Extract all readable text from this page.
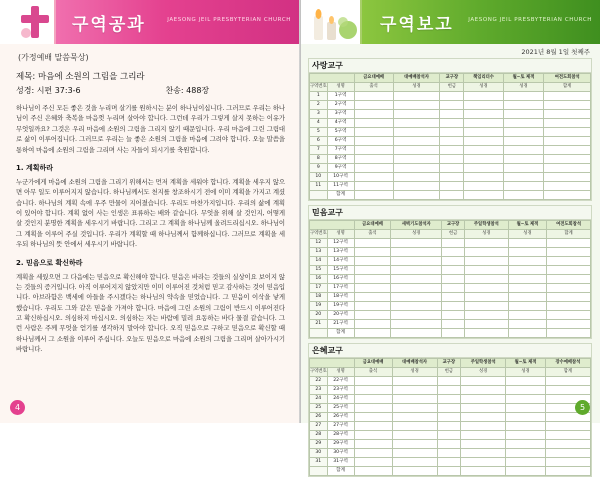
구역공과	JAESONG JEIL PRESBYTERIAN CHURCH
(가정예배 말씀묵상)
제목: 마음에 소원의 그림을 그리라
성경: 시편 37:3-6	찬송: 488장

하나님이 주신 모든 좋은 것을 누리며 살기를 원하시는 분이 하나님이십니다. 그러므로 우리는 하나님이 주신 은혜와 축복을 마음껏 누리며 살아야 합니다. 그런데 우리가 그렇게 살지 못하는 이유가 무엇일까요? 그것은 우리 마음에 소원의 그림을 그리지 않기 때문입니다. 우리 마음에 그린 그림대로 삶이 이루어집니다. 그러므로 우리는 늘 좋은 소원의 그림을 마음에 그려야 합니다. 오늘 말씀을 통하여 마음에 소원의 그림을 그리며 사는 자들이 되시기를 축원합니다.

1. 계획하라

누군가에게 마음에 소원의 그림을 그리기 위해서는 먼저 계획을 세워야 합니다. 계획을 세우지 않으면 아무 일도 이루어지지 않습니다. 하나님께서도 천지를 창조하시기 전에 이미 계획을 가지고 계셨습니다. 하나님의 계획 속에 우주 만물이 지어졌습니다. 우리도 마찬가지입니다. 우리의 삶에 계획이 있어야 합니다. 계획 없이 사는 인생은 표류하는 배와 같습니다. 무엇을 위해 살 것인지, 어떻게 살 것인지 분명한 계획을 세우시기 바랍니다. 그리고 그 계획을 하나님께 올려드리십시오. 하나님이 그 계획을 이루어 주실 것입니다. 우리가 계획할 때 하나님께서 함께하십니다. 그러므로 계획을 세우되 하나님의 뜻 안에서 세우시기 바랍니다.

2. 믿음으로 확신하라

계획을 세웠으면 그 다음에는 믿음으로 확신해야 합니다. 믿음은 바라는 것들의 실상이요 보이지 않는 것들의 증거입니다. 아직 이루어지지 않았지만 이미 이루어진 것처럼 믿고 감사하는 것이 믿음입니다. 아브라함은 백세에 아들을 주시겠다는 하나님의 약속을 믿었습니다. 그 믿음이 이삭을 낳게 했습니다. 우리도 그와 같은 믿음을 가져야 합니다. 마음에 그린 소원의 그림이 반드시 이루어진다고 확신하십시오. 의심하지 마십시오. 의심하는 자는 바람에 밀려 요동하는 바다 물결 같습니다. 그런 사람은 주께 무엇을 얻기를 생각하지 말아야 합니다. 오직 믿음으로 구하고 믿음으로 확신할 때 하나님께서 그 소원을 이루어 주십니다. 오늘도 믿음으로 마음에 소원의 그림을 그리며 살아가시기 바랍니다.

4
구역보고	JAESONG JEIL PRESBYTERIAN CHURCH
2021년 8월 1일 첫째주
사랑교구
		금요대예배	대예배참석자	교구장	책임리더수	월~토 제적	여전도회참석
구역번호	성명	출석	성경	헌금	성경	성경	합계
1	1구역						
2	2구역						
3	3구역						
4	4구역						
5	5구역						
6	6구역						
7	7구역						
8	8구역						
9	9구역						
10	10구역						
11	11구역						
	합계						
믿음교구
		금요대예배	새벽기도참석자	교구장	주일학생참석	월~토 제적	여전도회참석
구역번호	성명	출석	성경	헌금	성경	성경	합계
12	12구역						
13	13구역						
14	14구역						
15	15구역						
16	16구역						
17	17구역						
18	18구역						
19	19구역						
20	20구역						
21	21구역						
	합계						
은혜교구
		금요대예배	대예배참석자	교구장	주일학생참석	월~토 제적	장수예배참석
구역번호	성명	출석	성경	헌금	성경	성경	합계
22	22구역						
23	23구역						
24	24구역						
25	25구역						
26	26구역						
27	27구역						
28	28구역						
29	29구역						
30	30구역						
31	31구역						
	합계						
5
